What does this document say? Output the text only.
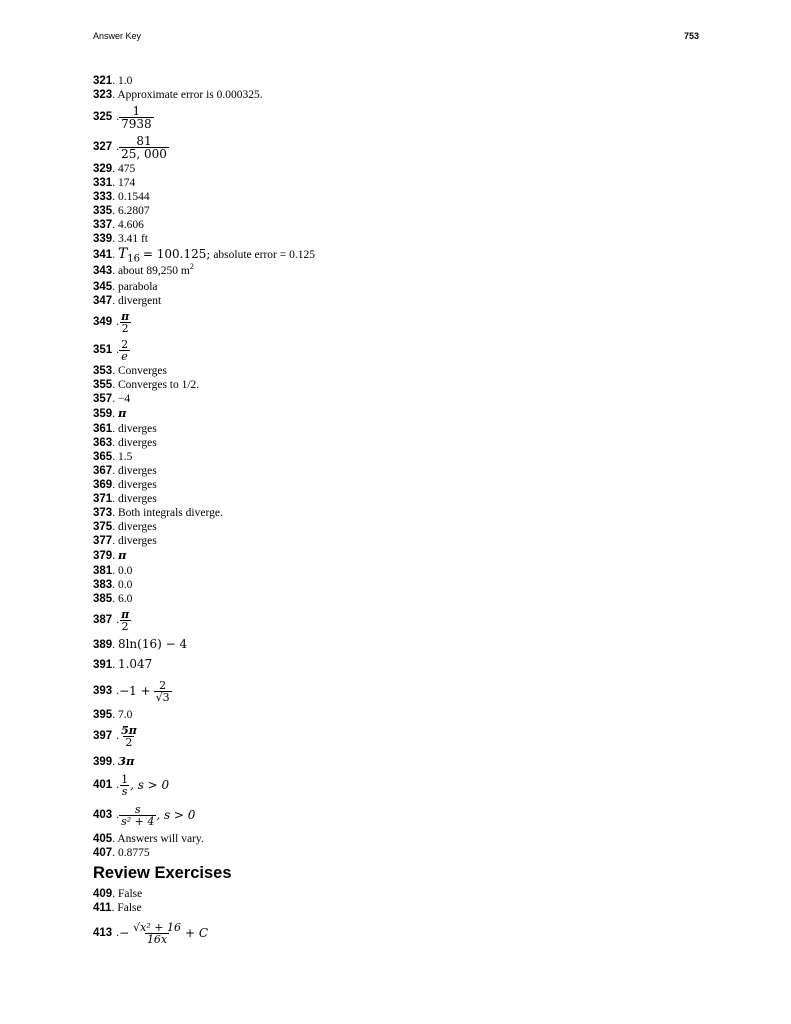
Answer Key	753
321. 1.0
323. Approximate error is 0.000325.
325 . $\frac{1}{7938}$
327 . $\frac{81}{25, 000}$
329. 475
331. 174
333. 0.1544
335. 6.2807
337. 4.606
339. 3.41 ft
341. $T_{16} = 100.125$; absolute error = 0.125
343. about 89,250 $m^2$
345. parabola
347. divergent
349 . $\frac{\pi}{2}$
351 . $\frac{2}{e}$
353. Converges
355. Converges to 1/2.
357. −4
359. π
361. diverges
363. diverges
365. 1.5
367. diverges
369. diverges
371. diverges
373. Both integrals diverge.
375. diverges
377. diverges
379. π
381. 0.0
383. 0.0
385. 6.0
387 . $\frac{\pi}{2}$
389. 8ln(16) − 4
391. 1.047
393 . $-1 + \frac{2}{√3}$
395. 7.0
397 . $\frac{5\pi}{2}$
399. 3π
401 . $\frac{1}{s}$ , s > 0
403 . $\frac{s}{\text{s² + 4}}$ , s > 0
405. Answers will vary.
407. 0.8775
Review Exercises
409. False
411. False
413 . − $\frac{\text{√x² + 16}}{16x} + C$
